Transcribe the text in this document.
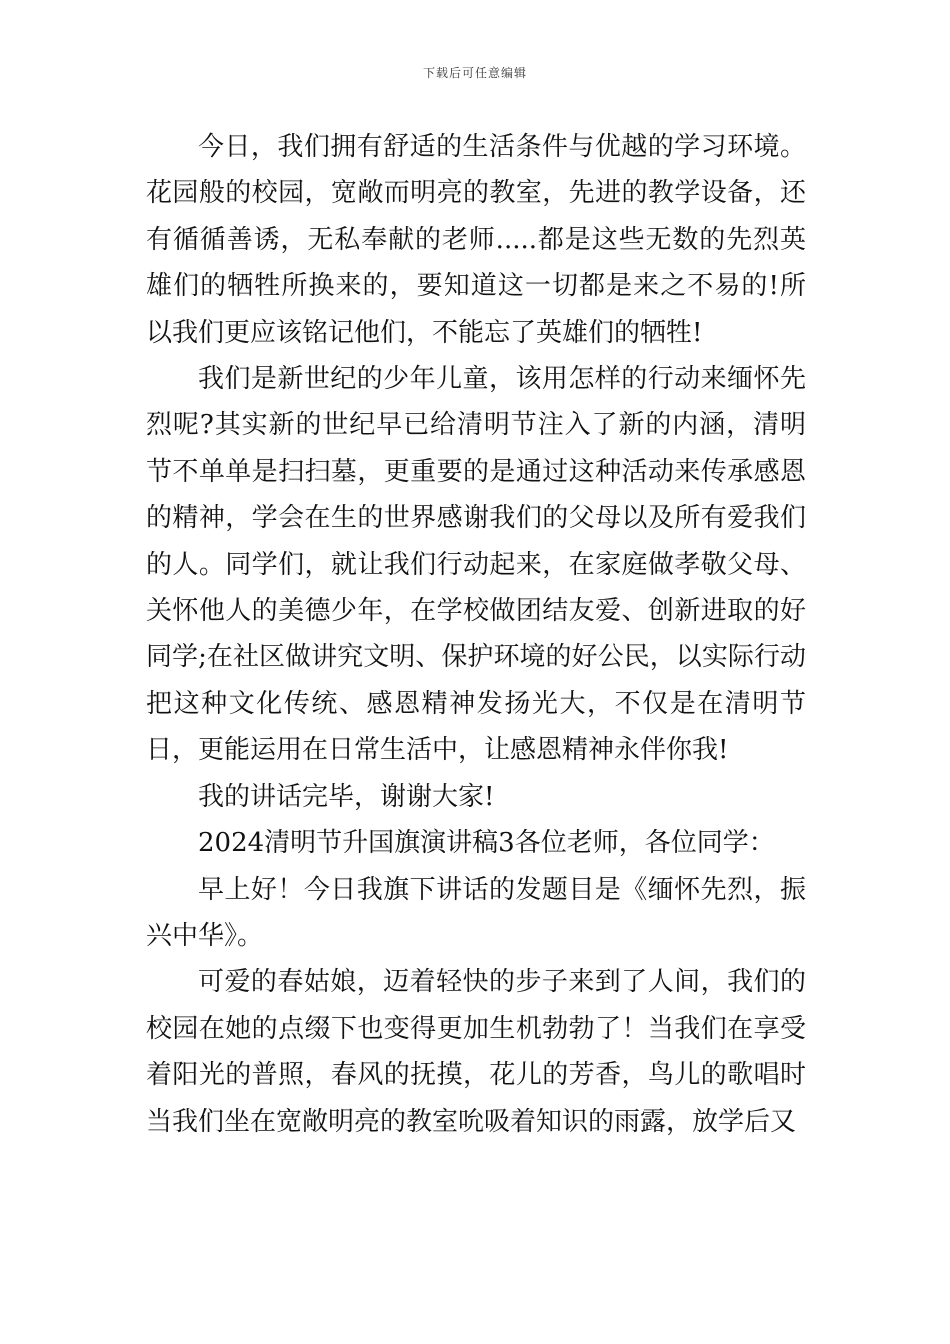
下载后可任意编辑

今日，我们拥有舒适的生活条件与优越的学习环境。花园般的校园，宽敞而明亮的教室，先进的教学设备，还有循循善诱，无私奉献的老师.....都是这些无数的先烈英雄们的牺牲所换来的，要知道这一切都是来之不易的!所以我们更应该铭记他们，不能忘了英雄们的牺牲!

我们是新世纪的少年儿童，该用怎样的行动来缅怀先烈呢?其实新的世纪早已给清明节注入了新的内涵，清明节不单单是扫扫墓，更重要的是通过这种活动来传承感恩的精神，学会在生的世界感谢我们的父母以及所有爱我们的人。同学们，就让我们行动起来，在家庭做孝敬父母、关怀他人的美德少年，在学校做团结友爱、创新进取的好同学;在社区做讲究文明、保护环境的好公民，以实际行动把这种文化传统、感恩精神发扬光大，不仅是在清明节日，更能运用在日常生活中，让感恩精神永伴你我!

我的讲话完毕，谢谢大家!

2024清明节升国旗演讲稿3各位老师，各位同学：

早上好！今日我旗下讲话的发题目是《缅怀先烈，振兴中华》。

可爱的春姑娘，迈着轻快的步子来到了人间，我们的校园在她的点缀下也变得更加生机勃勃了！当我们在享受着阳光的普照，春风的抚摸，花儿的芳香，鸟儿的歌唱时当我们坐在宽敞明亮的教室吮吸着知识的雨露，放学后又
